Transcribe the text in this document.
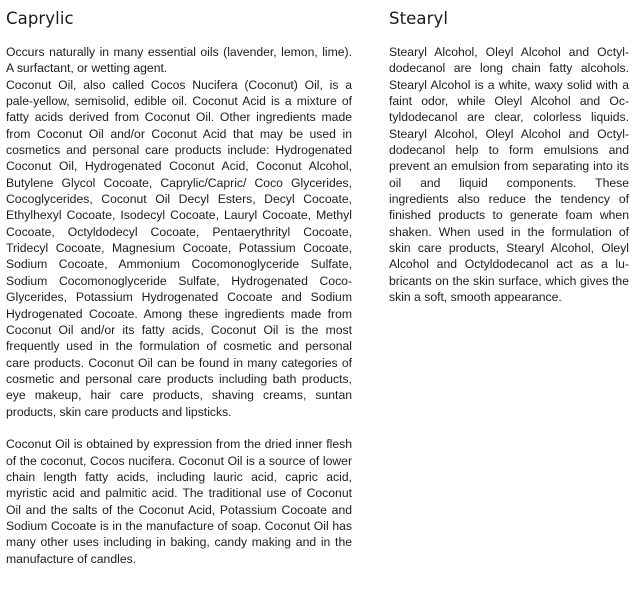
Caprylic

Occurs naturally in many essential oils (lavender, lemon, lime). A surfactant, or wetting agent.

Coconut Oil, also called Cocos Nucifera (Coconut) Oil, is a pale-yellow, semisolid, edible oil. Coconut Acid is a mixture of fatty acids derived from Coconut Oil. Other ingredients made from Coconut Oil and/or Coconut Acid that may be used in cosmetics and personal care products include: Hydrogenated Coconut Oil, Hydrogenated Coconut Acid, Coconut Alcohol, Butylene Glycol Cocoate, Caprylic/Capric/ Coco Glycerides, Cocoglycerides, Coconut Oil Decyl Esters, Decyl Cocoate, Ethylhexyl Cocoate, Isodecyl Cocoate, Lauryl Cocoate, Methyl Cocoate, Octyldodecyl Cocoate, Pentaerythrityl Cocoate, Tridecyl Cocoate, Magnesium Cocoate, Potassium Cocoate, Sodium Cocoate, Ammonium Cocomonoglyceride Sulfate, Sodium Cocomonoglyceride Sulfate, Hydrogenated Coco-Glycerides, Potassium Hydrogenated Cocoate and Sodium Hydrogenated Cocoate. Among these ingredients made from Coconut Oil and/or its fatty acids, Coconut Oil is the most frequently used in the formulation of cosmetic and personal care products. Coconut Oil can be found in many categories of cosmetic and personal care products including bath products, eye makeup, hair care products, shaving creams, suntan products, skin care products and lipsticks.

Coconut Oil is obtained by expression from the dried inner flesh of the coconut, Cocos nucifera. Coconut Oil is a source of lower chain length fatty acids, including lauric acid, capric acid, myristic acid and palmitic acid. The traditional use of Coconut Oil and the salts of the Coconut Acid, Potassium Cocoate and Sodium Cocoate is in the manufacture of soap. Coconut Oil has many other uses including in baking, candy making and in the manufacture of candles.

Stearyl

Stearyl Alcohol, Oleyl Alcohol and Octyldodecanol are long chain fatty alcohols. Stearyl Alcohol is a white, waxy solid with a faint odor, while Oleyl Alcohol and Octyldodecanol are clear, colorless liquids. Stearyl Alcohol, Oleyl Alcohol and Octyldodecanol help to form emulsions and prevent an emulsion from separating into its oil and liquid components. These ingredients also reduce the tendency of finished products to generate foam when shaken. When used in the formulation of skin care products, Stearyl Alcohol, Oleyl Alcohol and Octyldodecanol act as a lubricants on the skin surface, which gives the skin a soft, smooth appearance.
